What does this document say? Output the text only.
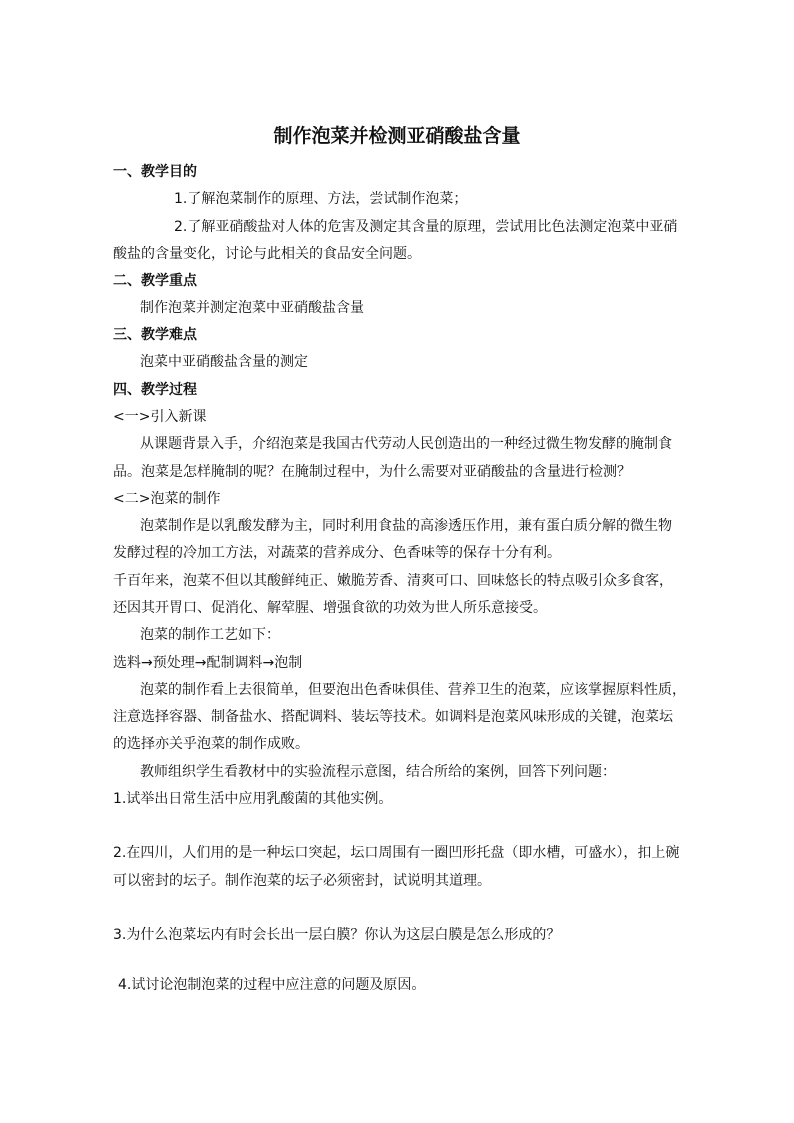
制作泡菜并检测亚硝酸盐含量

一、教学目的

1.了解泡菜制作的原理、方法，尝试制作泡菜；

2.了解亚硝酸盐对人体的危害及测定其含量的原理，尝试用比色法测定泡菜中亚硝

酸盐的含量变化，讨论与此相关的食品安全问题。

二、教学重点

制作泡菜并测定泡菜中亚硝酸盐含量

三、教学难点

泡菜中亚硝酸盐含量的测定

四、教学过程

<一>引入新课

从课题背景入手，介绍泡菜是我国古代劳动人民创造出的一种经过微生物发酵的腌制食

品。泡菜是怎样腌制的呢？在腌制过程中，为什么需要对亚硝酸盐的含量进行检测？

<二>泡菜的制作

泡菜制作是以乳酸发酵为主，同时利用食盐的高渗透压作用，兼有蛋白质分解的微生物

发酵过程的冷加工方法，对蔬菜的营养成分、色香味等的保存十分有利。

千百年来，泡菜不但以其酸鲜纯正、嫩脆芳香、清爽可口、回味悠长的特点吸引众多食客，

还因其开胃口、促消化、解荤腥、增强食欲的功效为世人所乐意接受。

泡菜的制作工艺如下：

选料→预处理→配制调料→泡制

泡菜的制作看上去很简单，但要泡出色香味俱佳、营养卫生的泡菜，应该掌握原料性质，

注意选择容器、制备盐水、搭配调料、装坛等技术。如调料是泡菜风味形成的关键，泡菜坛

的选择亦关乎泡菜的制作成败。

教师组织学生看教材中的实验流程示意图，结合所给的案例，回答下列问题：

1.试举出日常生活中应用乳酸菌的其他实例。

2.在四川，人们用的是一种坛口突起，坛口周围有一圈凹形托盘（即水槽，可盛水），扣上碗

可以密封的坛子。制作泡菜的坛子必须密封，试说明其道理。

3.为什么泡菜坛内有时会长出一层白膜？你认为这层白膜是怎么形成的？

4.试讨论泡制泡菜的过程中应注意的问题及原因。
